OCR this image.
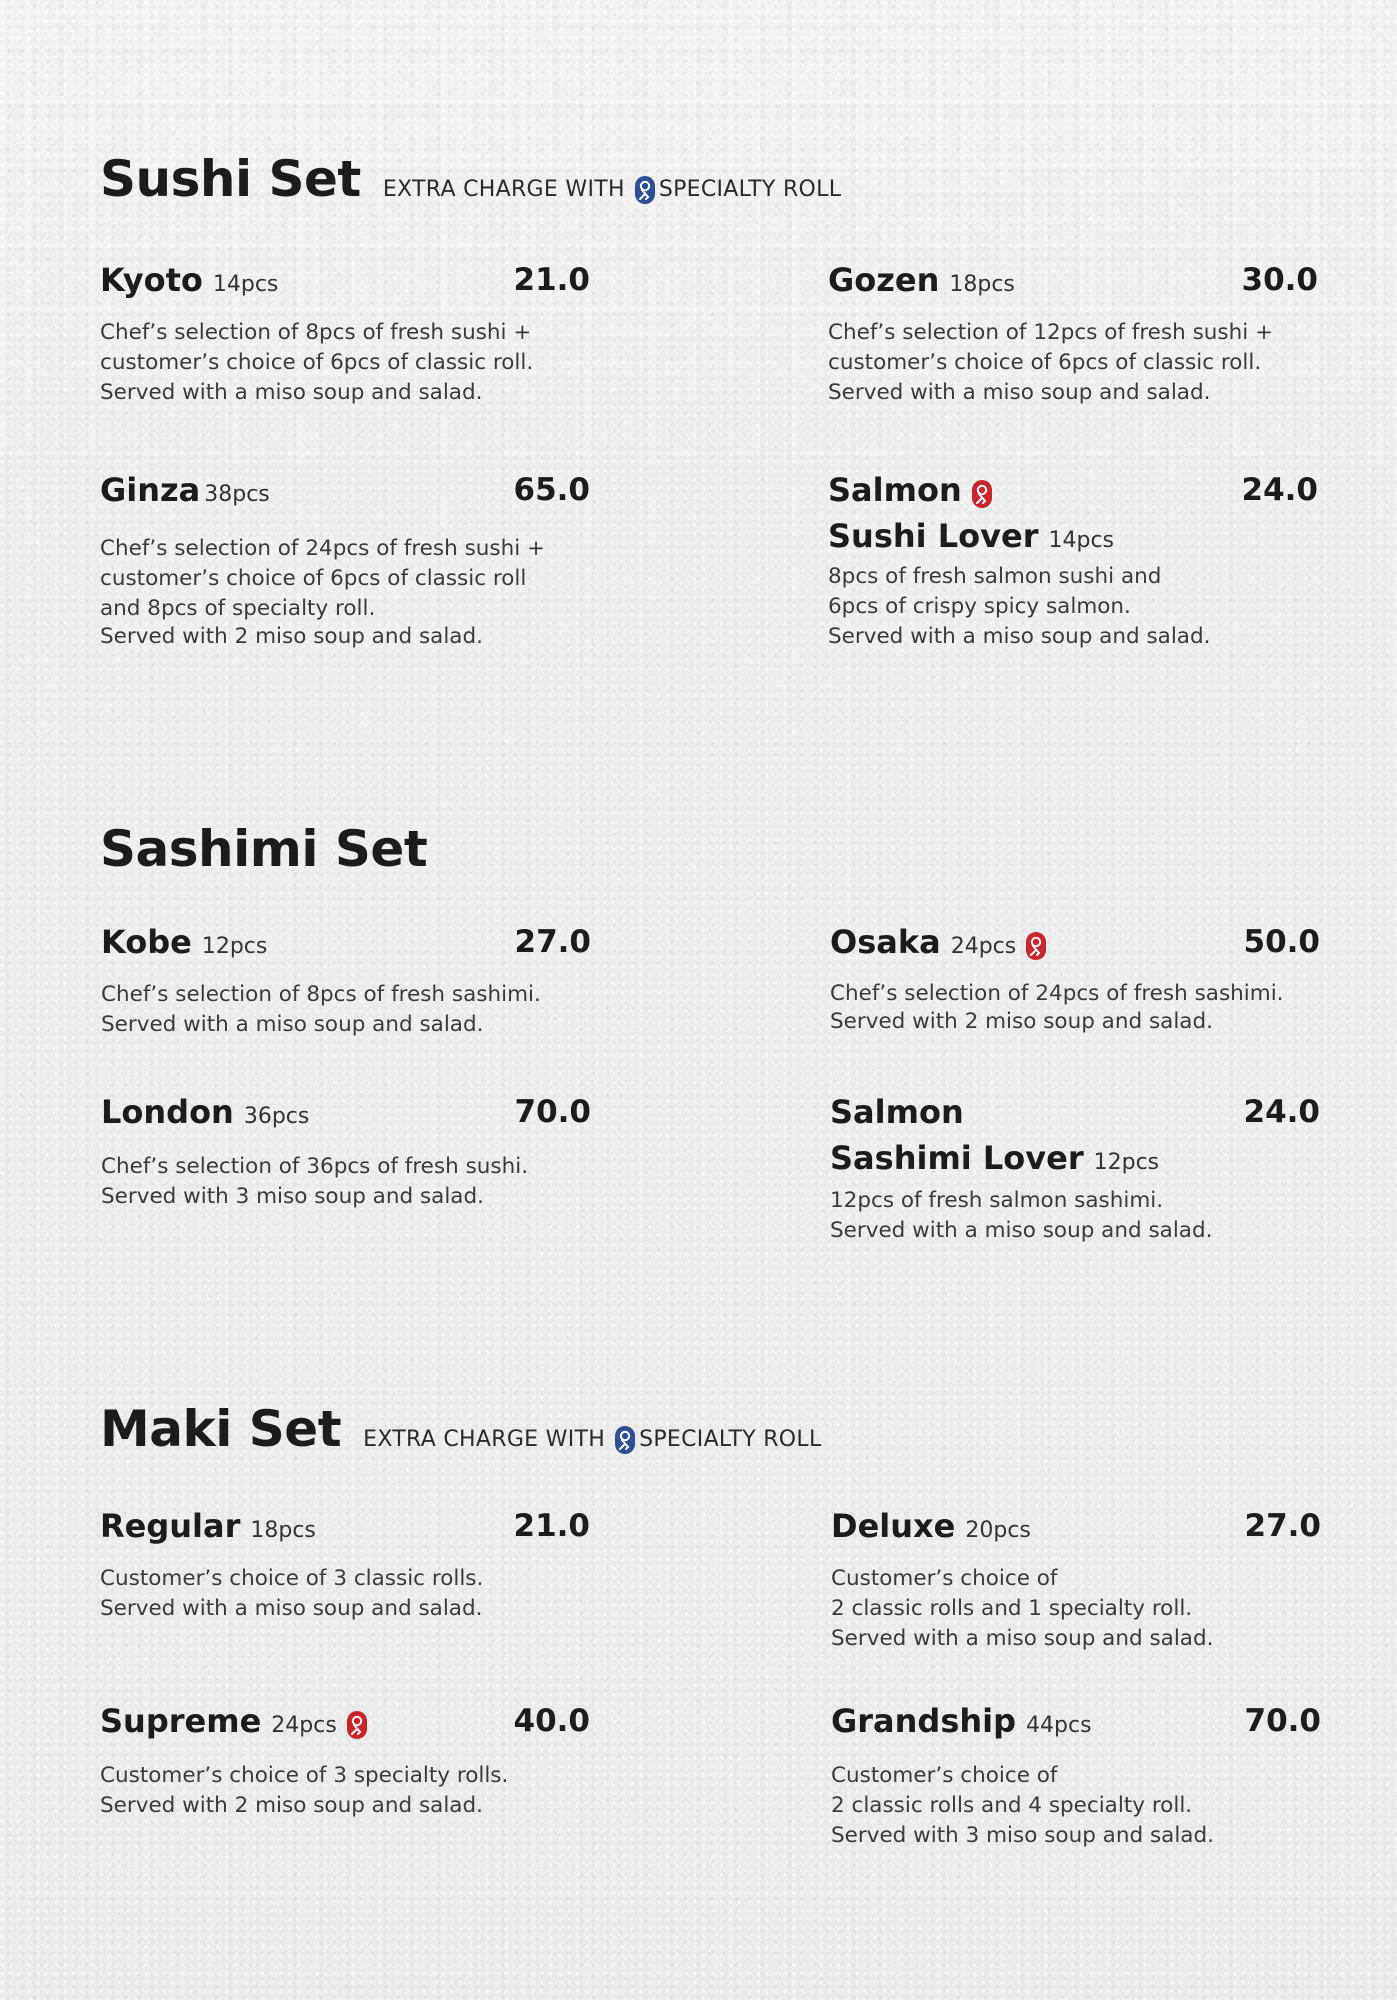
Sushi Set EXTRA CHARGE WITH SPECIALTY ROLL
Kyoto 14pcs	21.0
Chef’s selection of 8pcs of fresh sushi +
customer’s choice of 6pcs of classic roll.
Served with a miso soup and salad.
Gozen 18pcs	30.0
Chef’s selection of 12pcs of fresh sushi +
customer’s choice of 6pcs of classic roll.
Served with a miso soup and salad.
Ginza 38pcs	65.0
Chef’s selection of 24pcs of fresh sushi +
customer’s choice of 6pcs of classic roll
and 8pcs of specialty roll.
Served with 2 miso soup and salad.
Salmon
Sushi Lover 14pcs
24.0
8pcs of fresh salmon sushi and
6pcs of crispy spicy salmon.
Served with a miso soup and salad.
Sashimi Set
Kobe 12pcs	27.0
Chef’s selection of 8pcs of fresh sashimi.
Served with a miso soup and salad.
Osaka 24pcs	50.0
Chef’s selection of 24pcs of fresh sashimi.
Served with 2 miso soup and salad.
London 36pcs	70.0
Chef’s selection of 36pcs of fresh sushi.
Served with 3 miso soup and salad.
Salmon
Sashimi Lover 12pcs
24.0
12pcs of fresh salmon sashimi.
Served with a miso soup and salad.
Maki Set EXTRA CHARGE WITH SPECIALTY ROLL
Regular 18pcs	21.0
Customer’s choice of 3 classic rolls.
Served with a miso soup and salad.
Deluxe 20pcs	27.0
Customer’s choice of
2 classic rolls and 1 specialty roll.
Served with a miso soup and salad.
Supreme 24pcs	40.0
Customer’s choice of 3 specialty rolls.
Served with 2 miso soup and salad.
Grandship 44pcs	70.0
Customer’s choice of
2 classic rolls and 4 specialty roll.
Served with 3 miso soup and salad.
